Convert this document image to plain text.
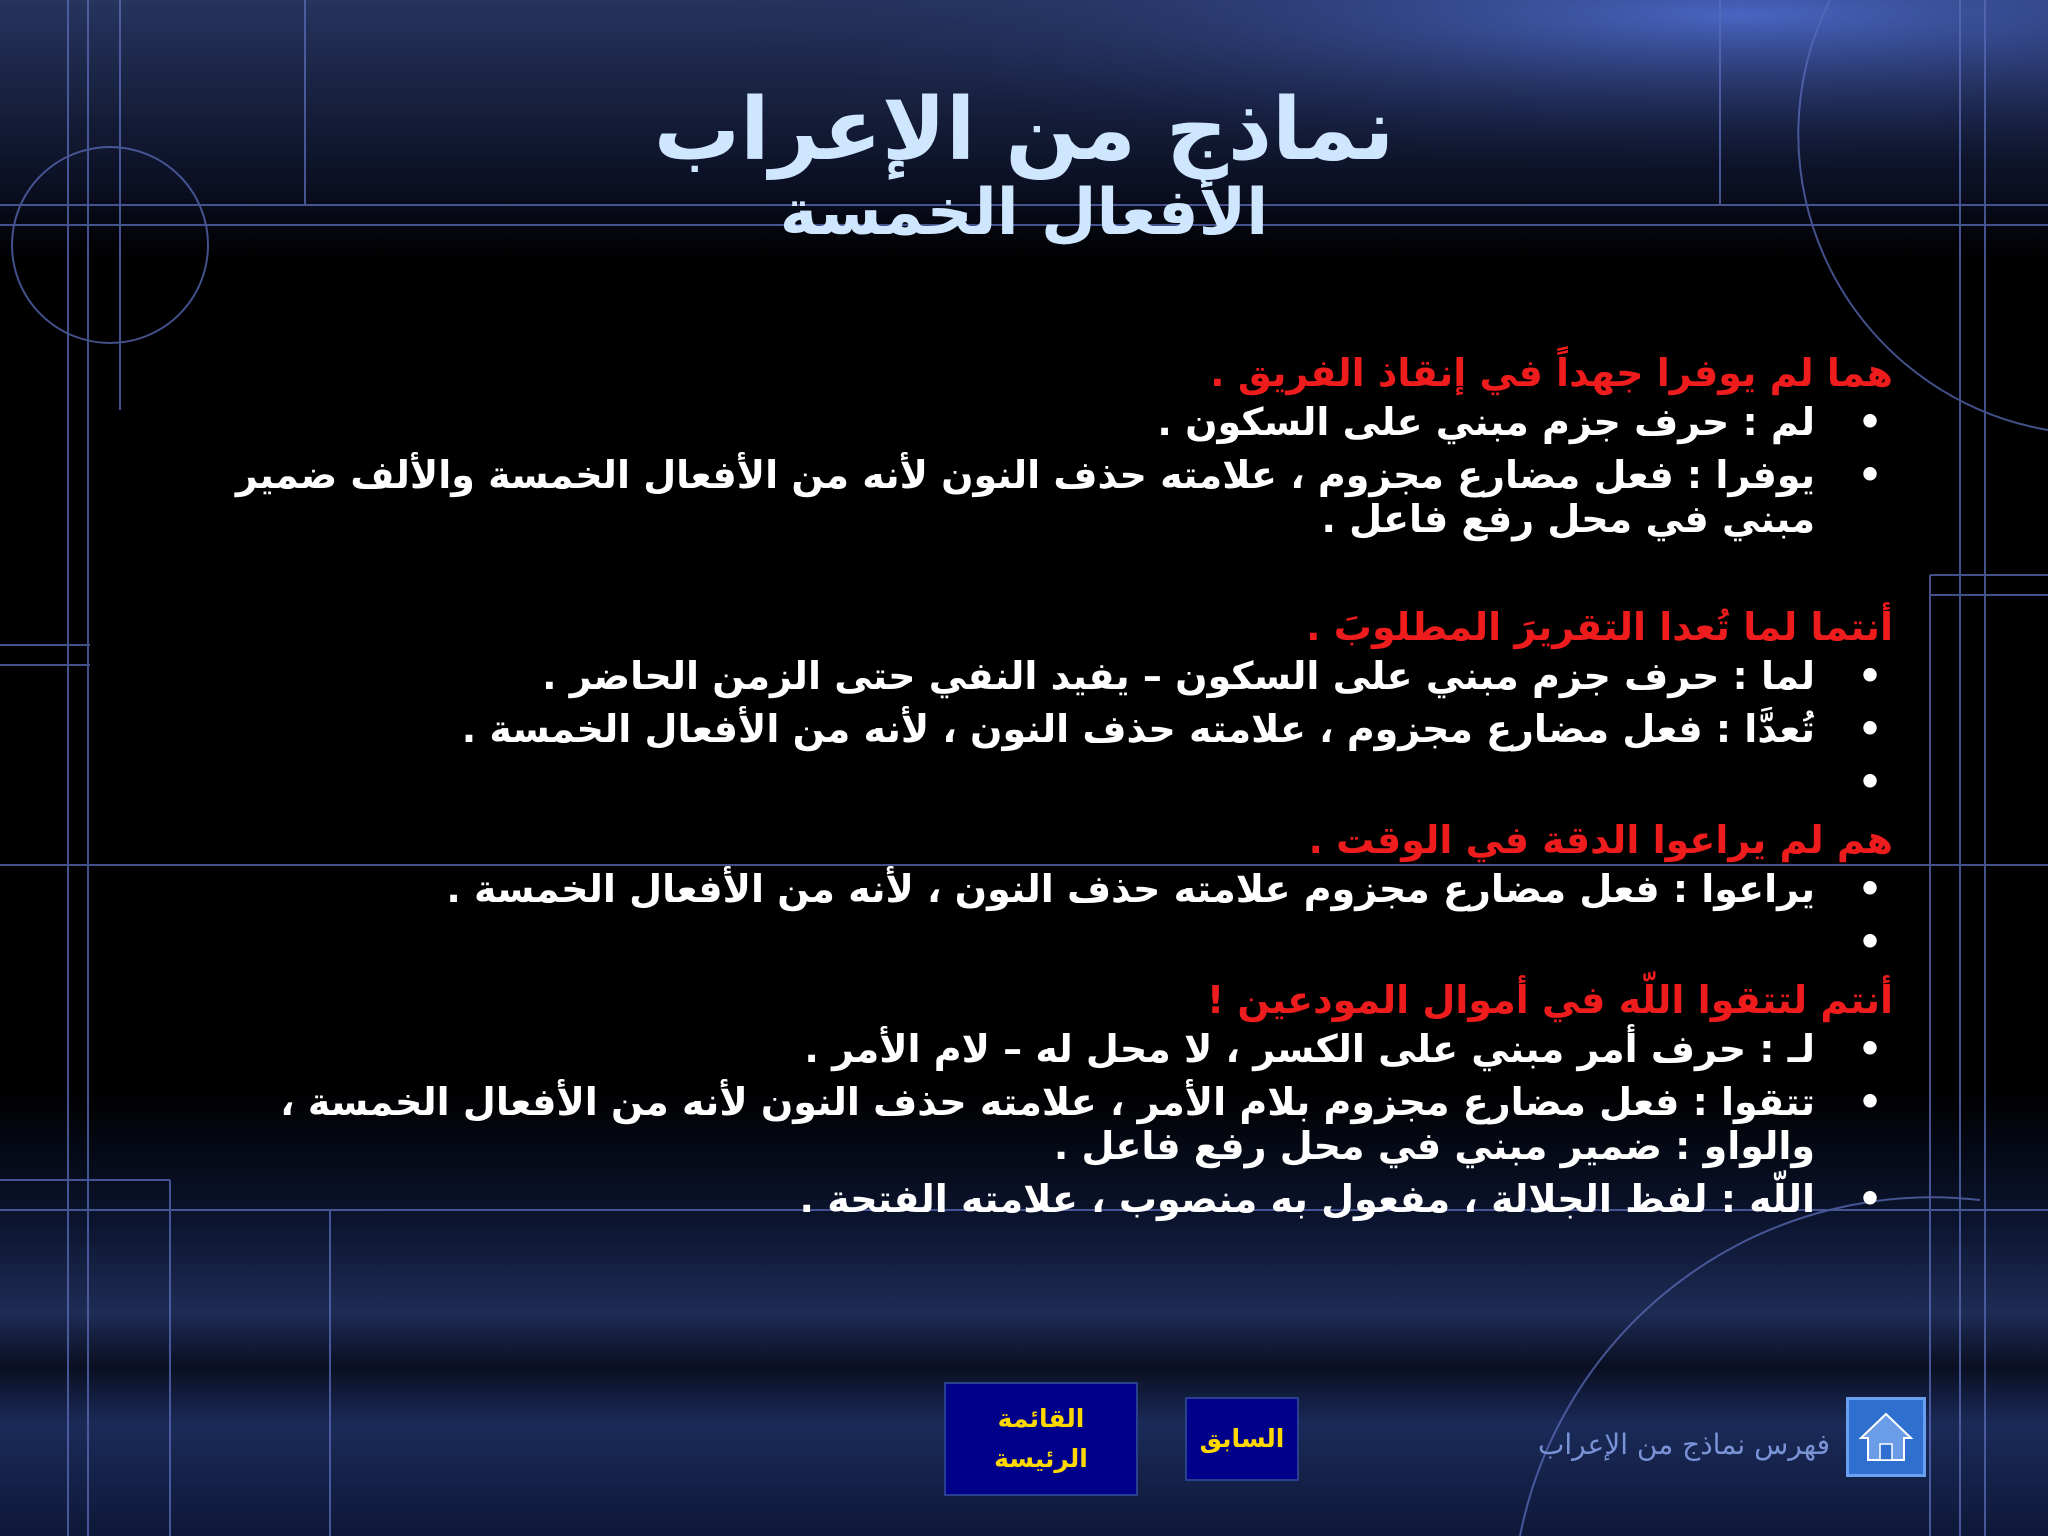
نماذج من الإعراب
الأفعال الخمسة

هما لم يوفرا جهداً في إنقاذ الفريق .

•
لم : حرف جزم مبني على السكون .
•
يوفرا : فعل مضارع مجزوم ، علامته حذف النون لأنه من الأفعال الخمسة والألف ضمير مبني في محل رفع فاعل .

أنتما لما تُعدا التقريرَ المطلوبَ .

•
لما : حرف جزم مبني على السكون – يفيد النفي حتى الزمن الحاضر .
•
تُعدَّا : فعل مضارع مجزوم ، علامته حذف النون ، لأنه من الأفعال الخمسة .
•

هم لم يراعوا الدقة في الوقت .

•
يراعوا : فعل مضارع مجزوم علامته حذف النون ، لأنه من الأفعال الخمسة .
•

أنتم لتتقوا اللّه في أموال المودعين !

•
لـ : حرف أمر مبني على الكسر ، لا محل له – لام الأمر .
•
تتقوا : فعل مضارع مجزوم بلام الأمر ، علامته حذف النون لأنه من الأفعال الخمسة ، والواو : ضمير مبني في محل رفع فاعل .
•
اللّه : لفظ الجلالة ، مفعول به منصوب ، علامته الفتحة .
القائمة
الرئيسة
السابق	فهرس نماذج من الإعراب
